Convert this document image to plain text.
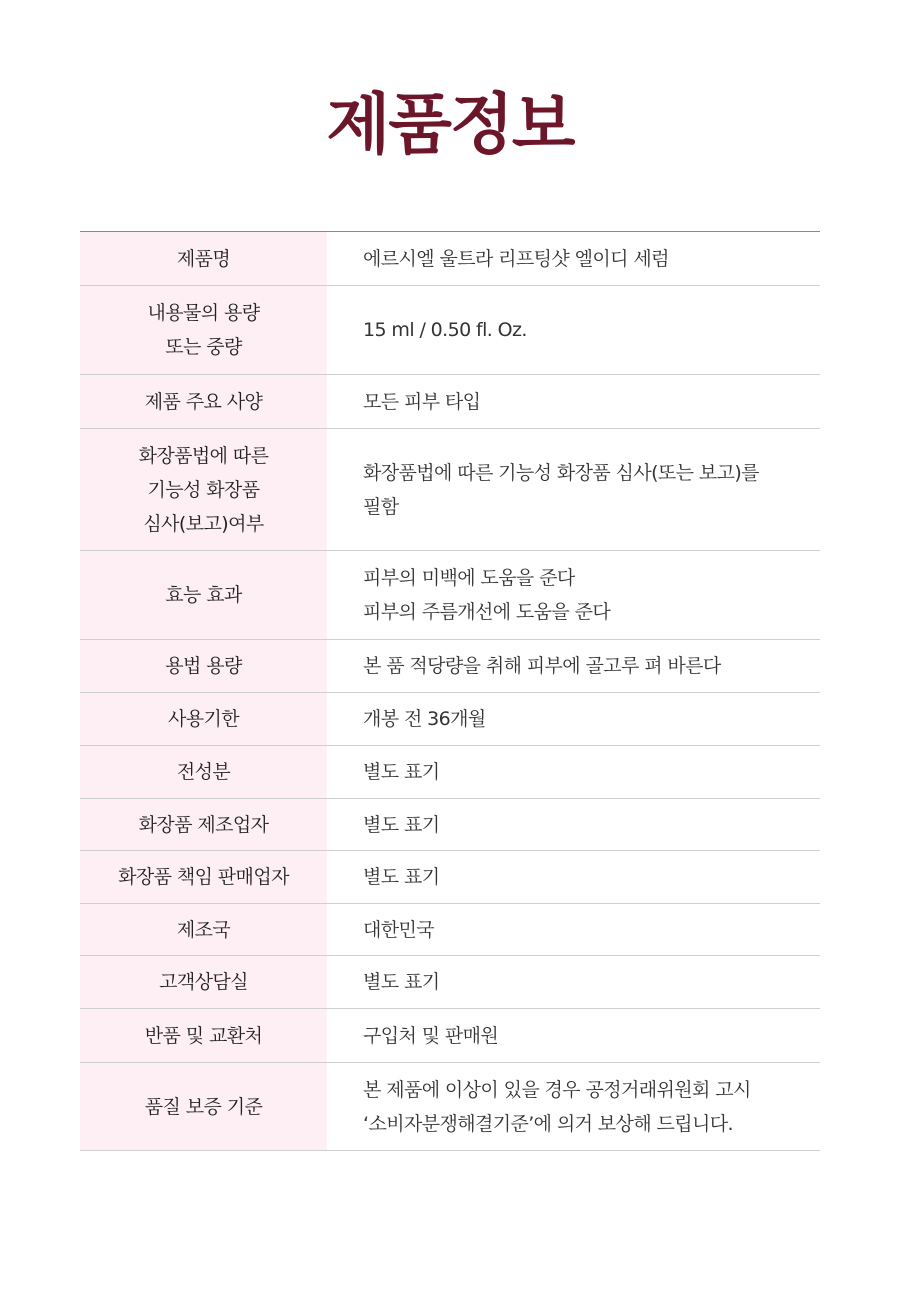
제품정보
제품명	에르시엘 울트라 리프팅샷 엘이디 세럼

내용물의 용량
또는 중량	15 ml / 0.50 fl. Oz.

제품 주요 사양	모든 피부 타입

화장품법에 따른
기능성 화장품
심사(보고)여부	화장품법에 따른 기능성 화장품 심사(또는 보고)를
필함

효능 효과	피부의 미백에 도움을 준다
피부의 주름개선에 도움을 준다

용법 용량	본 품 적당량을 취해 피부에 골고루 펴 바른다

사용기한	개봉 전 36개월

전성분	별도 표기

화장품 제조업자	별도 표기

화장품 책임 판매업자	별도 표기

제조국	대한민국

고객상담실	별도 표기

반품 및 교환처	구입처 및 판매원

품질 보증 기준	본 제품에 이상이 있을 경우 공정거래위원회 고시
‘소비자분쟁해결기준’에 의거 보상해 드립니다.
